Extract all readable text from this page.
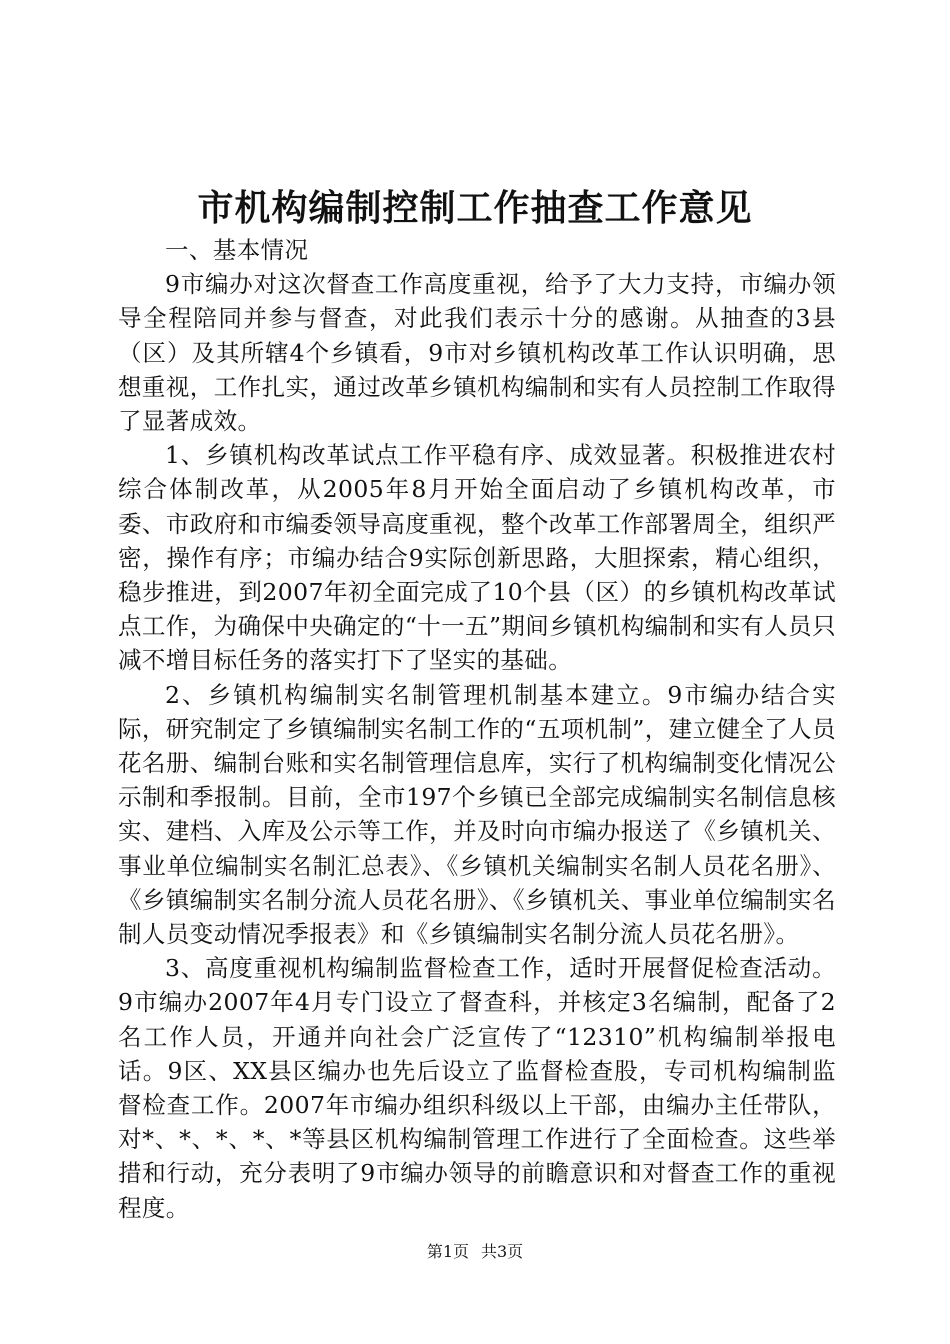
市机构编制控制工作抽查工作意见

一、基本情况

9市编办对这次督查工作高度重视，给予了大力支持，市编办领导全程陪同并参与督查，对此我们表示十分的感谢。从抽查的3县（区）及其所辖4个乡镇看，9市对乡镇机构改革工作认识明确，思想重视，工作扎实，通过改革乡镇机构编制和实有人员控制工作取得了显著成效。

1、乡镇机构改革试点工作平稳有序、成效显著。积极推进农村综合体制改革，从2005年8月开始全面启动了乡镇机构改革，市委、市政府和市编委领导高度重视，整个改革工作部署周全，组织严密，操作有序；市编办结合9实际创新思路，大胆探索，精心组织，稳步推进，到2007年初全面完成了10个县（区）的乡镇机构改革试点工作，为确保中央确定的“十一五”期间乡镇机构编制和实有人员只减不增目标任务的落实打下了坚实的基础。

2、乡镇机构编制实名制管理机制基本建立。9市编办结合实际，研究制定了乡镇编制实名制工作的“五项机制”，建立健全了人员花名册、编制台账和实名制管理信息库，实行了机构编制变化情况公示制和季报制。目前，全市197个乡镇已全部完成编制实名制信息核实、建档、入库及公示等工作，并及时向市编办报送了《乡镇机关、事业单位编制实名制汇总表》、《乡镇机关编制实名制人员花名册》、《乡镇编制实名制分流人员花名册》、《乡镇机关、事业单位编制实名制人员变动情况季报表》和《乡镇编制实名制分流人员花名册》。

3、高度重视机构编制监督检查工作，适时开展督促检查活动。9市编办2007年4月专门设立了督查科，并核定3名编制，配备了2名工作人员，开通并向社会广泛宣传了“12310”机构编制举报电话。9区、XX县区编办也先后设立了监督检查股，专司机构编制监督检查工作。2007年市编办组织科级以上干部，由编办主任带队，对*、*、*、*、*等县区机构编制管理工作进行了全面检查。这些举措和行动，充分表明了9市编办领导的前瞻意识和对督查工作的重视程度。

第1页 共3页
